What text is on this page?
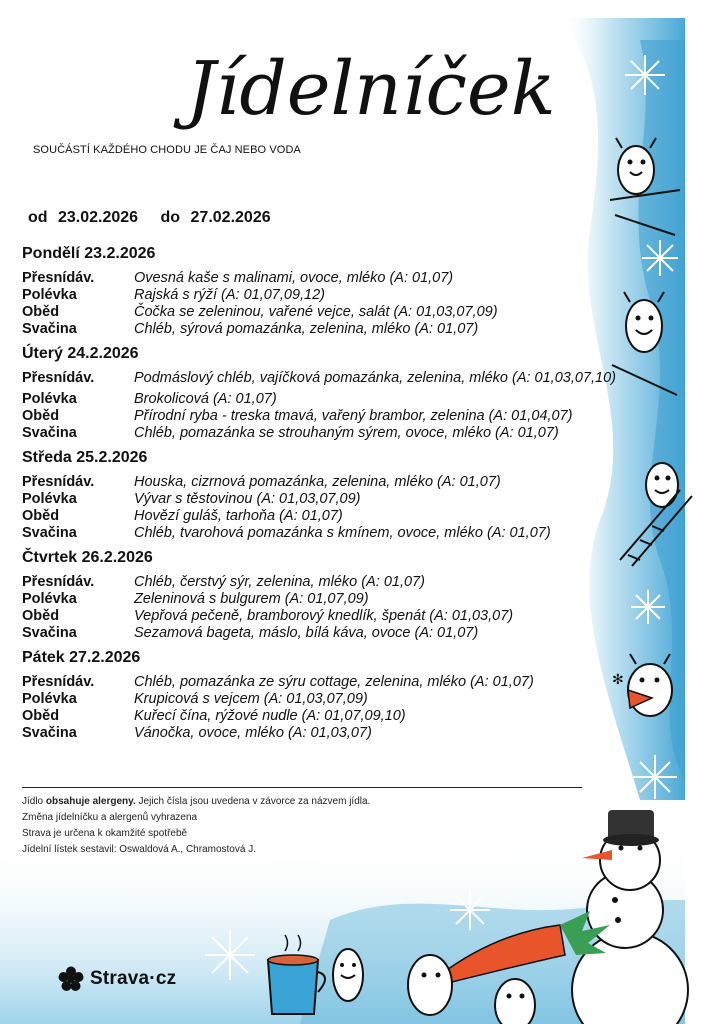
✻
Jídelníček
SOUČÁSTÍ KAŽDÉHO CHODU JE ČAJ NEBO VODA
od 23.02.2026 do 27.02.2026
Pondělí 23.2.2026
Přesnídáv.	Ovesná kaše s malinami, ovoce, mléko (A: 01,07)
Polévka	Rajská s rýží (A: 01,07,09,12)
Oběd	Čočka se zeleninou, vařené vejce, salát (A: 01,03,07,09)
Svačina	Chléb, sýrová pomazánka, zelenina, mléko (A: 01,07)
Úterý 24.2.2026
Přesnídáv.	Podmáslový chléb, vajíčková pomazánka, zelenina, mléko (A: 01,03,07,10)
Polévka	Brokolicová (A: 01,07)
Oběd	Přírodní ryba - treska tmavá, vařený brambor, zelenina (A: 01,04,07)
Svačina	Chléb, pomazánka se strouhaným sýrem, ovoce, mléko (A: 01,07)
Středa 25.2.2026
Přesnídáv.	Houska, cizrnová pomazánka, zelenina, mléko (A: 01,07)
Polévka	Vývar s těstovinou (A: 01,03,07,09)
Oběd	Hovězí guláš, tarhoňa (A: 01,07)
Svačina	Chléb, tvarohová pomazánka s kmínem, ovoce, mléko (A: 01,07)
Čtvrtek 26.2.2026
Přesnídáv.	Chléb, čerstvý sýr, zelenina, mléko (A: 01,07)
Polévka	Zeleninová s bulgurem (A: 01,07,09)
Oběd	Vepřová pečeně, bramborový knedlík, špenát (A: 01,03,07)
Svačina	Sezamová bageta, máslo, bílá káva, ovoce (A: 01,07)
Pátek 27.2.2026
Přesnídáv.	Chléb, pomazánka ze sýru cottage, zelenina, mléko (A: 01,07)
Polévka	Krupicová s vejcem (A: 01,03,07,09)
Oběd	Kuřecí čína, rýžové nudle (A: 01,07,09,10)
Svačina	Vánočka, ovoce, mléko (A: 01,03,07)
Jídlo obsahuje alergeny. Jejich čísla jsou uvedena v závorce za názvem jídla.
Změna jídelníčku a alergenů vyhrazena
Strava je určena k okamžité spotřebě
Jídelní lístek sestavil: Oswaldová A., Chramostová J.
Strava·cz
